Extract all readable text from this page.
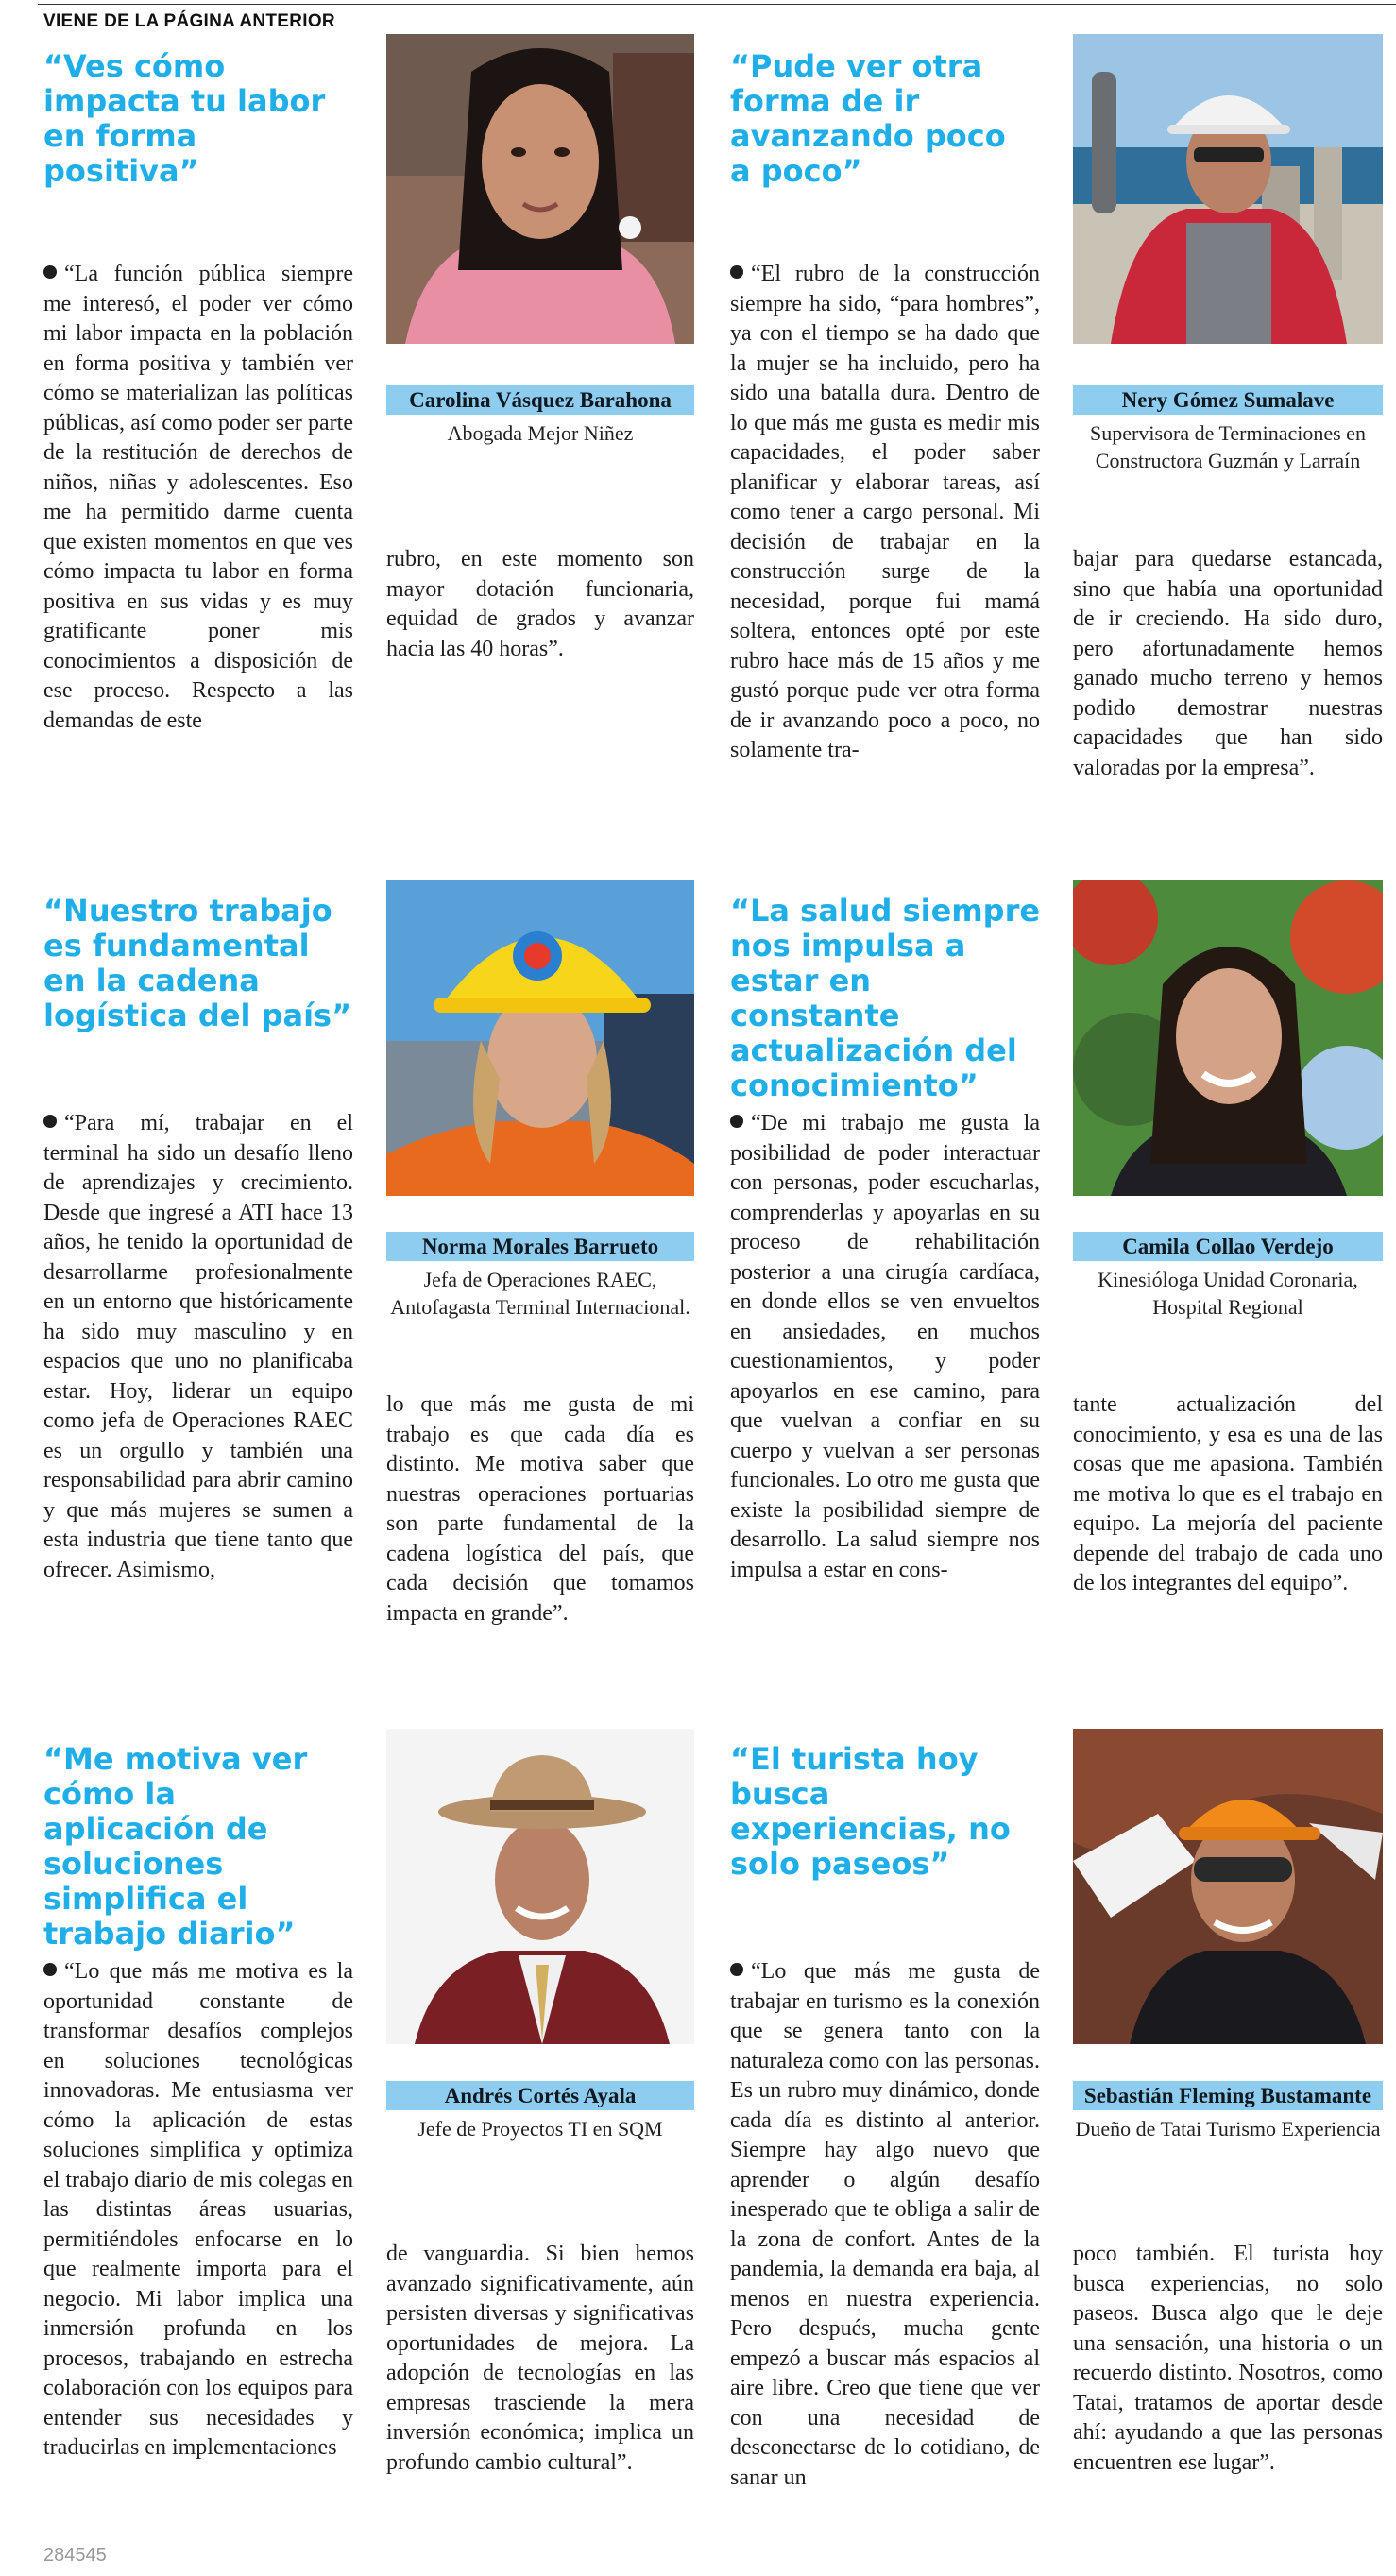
VIENE DE LA PÁGINA ANTERIOR
“Ves cómo impacta tu labor en forma positiva”

“La función pública siempre me interesó, el poder ver cómo mi labor impacta en la población en forma positiva y también ver cómo se materializan las políticas públicas, así como poder ser parte de la restitución de derechos de niños, niñas y adolescentes. Eso me ha permitido darme cuenta que existen momentos en que ves cómo impacta tu labor en forma positiva en sus vidas y es muy gratificante poner mis conocimientos a disposición de ese proceso. Respecto a las demandas de este

Carolina Vásquez Barahona
Abogada Mejor Niñez
rubro, en este momento son mayor dotación funcionaria, equidad de grados y avanzar hacia las 40 horas”.
“Pude ver otra forma de ir avanzando poco a poco”

“El rubro de la construcción siempre ha sido, “para hombres”, ya con el tiempo se ha dado que la mujer se ha incluido, pero ha sido una batalla dura. Dentro de lo que más me gusta es medir mis capacidades, el poder saber planificar y elaborar tareas, así como tener a cargo personal. Mi decisión de trabajar en la construcción surge de la necesidad, porque fui mamá soltera, entonces opté por este rubro hace más de 15 años y me gustó porque pude ver otra forma de ir avanzando poco a poco, no solamente tra-

Nery Gómez Sumalave
Supervisora de Terminaciones en Constructora Guzmán y Larraín
bajar para quedarse estancada, sino que había una oportunidad de ir creciendo. Ha sido duro, pero afortunadamente hemos ganado mucho terreno y hemos podido demostrar nuestras capacidades que han sido valoradas por la empresa”.
“Nuestro trabajo es fundamental en la cadena logística del país”

“Para mí, trabajar en el terminal ha sido un desafío lleno de aprendizajes y crecimiento. Desde que ingresé a ATI hace 13 años, he tenido la oportunidad de desarrollarme profesionalmente en un entorno que históricamente ha sido muy masculino y en espacios que uno no planificaba estar. Hoy, liderar un equipo como jefa de Operaciones RAEC es un orgullo y también una responsabilidad para abrir camino y que más mujeres se sumen a esta industria que tiene tanto que ofrecer. Asimismo,

Norma Morales Barrueto
Jefa de Operaciones RAEC, Antofagasta Terminal Internacional.
lo que más me gusta de mi trabajo es que cada día es distinto. Me motiva saber que nuestras operaciones portuarias son parte fundamental de la cadena logística del país, que cada decisión que tomamos impacta en grande”.
“La salud siempre nos impulsa a estar en constante actualización del conocimiento”

“De mi trabajo me gusta la posibilidad de poder interactuar con personas, poder escucharlas, comprenderlas y apoyarlas en su proceso de rehabilitación posterior a una cirugía cardíaca, en donde ellos se ven envueltos en ansiedades, en muchos cuestionamientos, y poder apoyarlos en ese camino, para que vuelvan a confiar en su cuerpo y vuelvan a ser personas funcionales. Lo otro me gusta que existe la posibilidad siempre de desarrollo. La salud siempre nos impulsa a estar en cons-

Camila Collao Verdejo
Kinesióloga Unidad Coronaria, Hospital Regional
tante actualización del conocimiento, y esa es una de las cosas que me apasiona. También me motiva lo que es el trabajo en equipo. La mejoría del paciente depende del trabajo de cada uno de los integrantes del equipo”.
“Me motiva ver cómo la aplicación de soluciones simplifica el trabajo diario”

“Lo que más me motiva es la oportunidad constante de transformar desafíos complejos en soluciones tecnológicas innovadoras. Me entusiasma ver cómo la aplicación de estas soluciones simplifica y optimiza el trabajo diario de mis colegas en las distintas áreas usuarias, permitiéndoles enfocarse en lo que realmente importa para el negocio. Mi labor implica una inmersión profunda en los procesos, trabajando en estrecha colaboración con los equipos para entender sus necesidades y traducirlas en implementaciones

Andrés Cortés Ayala
Jefe de Proyectos TI en SQM
de vanguardia. Si bien hemos avanzado significativamente, aún persisten diversas y significativas oportunidades de mejora. La adopción de tecnologías en las empresas trasciende la mera inversión económica; implica un profundo cambio cultural”.
“El turista hoy busca experiencias, no solo paseos”

“Lo que más me gusta de trabajar en turismo es la conexión que se genera tanto con la naturaleza como con las personas. Es un rubro muy dinámico, donde cada día es distinto al anterior. Siempre hay algo nuevo que aprender o algún desafío inesperado que te obliga a salir de la zona de confort. Antes de la pandemia, la demanda era baja, al menos en nuestra experiencia. Pero después, mucha gente empezó a buscar más espacios al aire libre. Creo que tiene que ver con una necesidad de desconectarse de lo cotidiano, de sanar un

Sebastián Fleming Bustamante
Dueño de Tatai Turismo Experiencia
poco también. El turista hoy busca experiencias, no solo paseos. Busca algo que le deje una sensación, una historia o un recuerdo distinto. Nosotros, como Tatai, tratamos de aportar desde ahí: ayudando a que las personas encuentren ese lugar”.
284545
